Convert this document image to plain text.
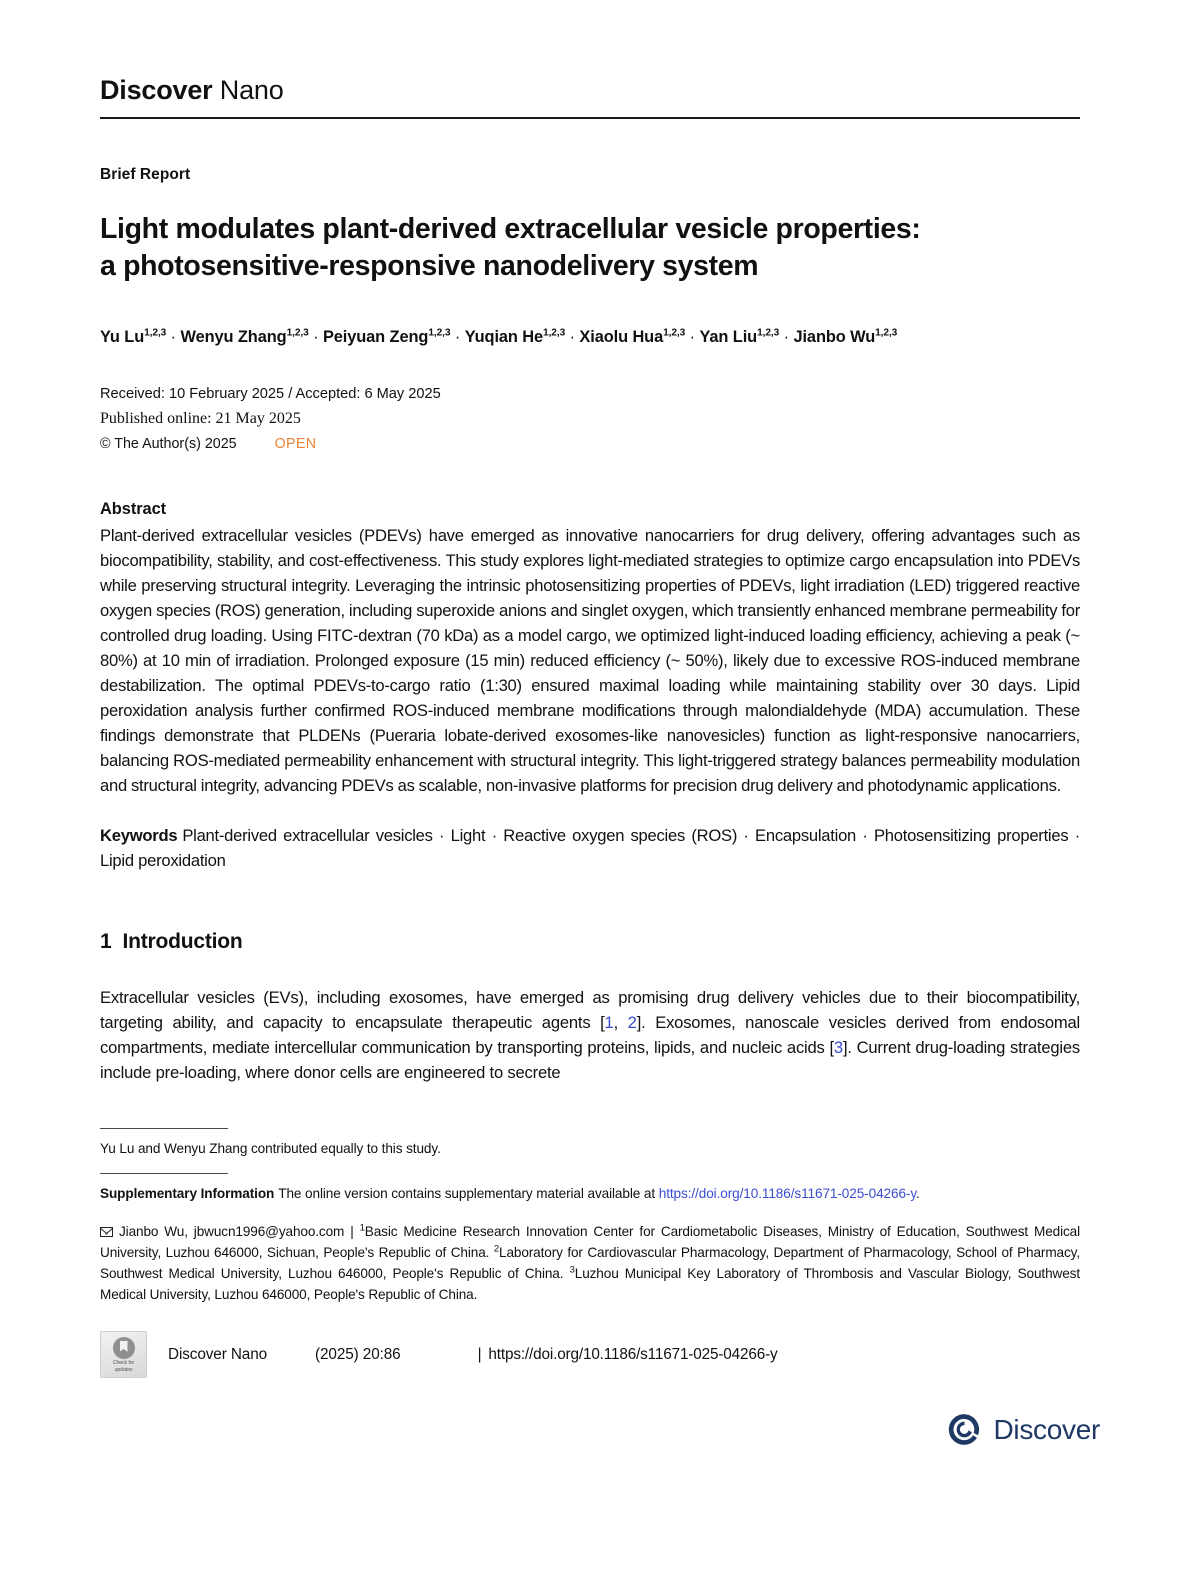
Discover Nano
Brief Report
Light modulates plant-derived extracellular vesicle properties:
a photosensitive-responsive nanodelivery system
Yu Lu$^{1,2,3}$ · Wenyu Zhang$^{1,2,3}$ · Peiyuan Zeng$^{1,2,3}$ · Yuqian He$^{1,2,3}$ · Xiaolu Hua$^{1,2,3}$ · Yan Liu$^{1,2,3}$ · Jianbo Wu$^{1,2,3}$
Received: 10 February 2025 / Accepted: 6 May 2025
Published online: 21 May 2025
© The Author(s) 2025	OPEN
Abstract
Plant-derived extracellular vesicles (PDEVs) have emerged as innovative nanocarriers for drug delivery, offering advantages such as biocompatibility, stability, and cost-effectiveness. This study explores light-mediated strategies to optimize cargo encapsulation into PDEVs while preserving structural integrity. Leveraging the intrinsic photosensitizing properties of PDEVs, light irradiation (LED) triggered reactive oxygen species (ROS) generation, including superoxide anions and singlet oxygen, which transiently enhanced membrane permeability for controlled drug loading. Using FITC-dextran (70 kDa) as a model cargo, we optimized light-induced loading efficiency, achieving a peak (~ 80%) at 10 min of irradiation. Prolonged exposure (15 min) reduced efficiency (~ 50%), likely due to excessive ROS-induced membrane destabilization. The optimal PDEVs-to-cargo ratio (1:30) ensured maximal loading while maintaining stability over 30 days. Lipid peroxidation analysis further confirmed ROS-induced membrane modifications through malondialdehyde (MDA) accumulation. These findings demonstrate that PLDENs (Pueraria lobate-derived exosomes-like nanovesicles) function as light-responsive nanocarriers, balancing ROS-mediated permeability enhancement with structural integrity. This light-triggered strategy balances permeability modulation and structural integrity, advancing PDEVs as scalable, non-invasive platforms for precision drug delivery and photodynamic applications.
Keywords Plant-derived extracellular vesicles · Light · Reactive oxygen species (ROS) · Encapsulation · Photosensitizing properties · Lipid peroxidation
1 Introduction

Extracellular vesicles (EVs), including exosomes, have emerged as promising drug delivery vehicles due to their biocompatibility, targeting ability, and capacity to encapsulate therapeutic agents [1, 2]. Exosomes, nanoscale vesicles derived from endosomal compartments, mediate intercellular communication by transporting proteins, lipids, and nucleic acids [3]. Current drug-loading strategies include pre-loading, where donor cells are engineered to secrete

Yu Lu and Wenyu Zhang contributed equally to this study.
Supplementary Information The online version contains supplementary material available at https://doi.org/10.1186/s11671-025-04266-y.
Jianbo Wu, jbwucn1996@yahoo.com | $^1$Basic Medicine Research Innovation Center for Cardiometabolic Diseases, Ministry of Education, Southwest Medical University, Luzhou 646000, Sichuan, People's Republic of China. $^2$Laboratory for Cardiovascular Pharmacology, Department of Pharmacology, School of Pharmacy, Southwest Medical University, Luzhou 646000, People's Republic of China. $^3$Luzhou Municipal Key Laboratory of Thrombosis and Vascular Biology, Southwest Medical University, Luzhou 646000, People's Republic of China.
Check for
updates
Discover Nano	(2025) 20:86	| https://doi.org/10.1186/s11671-025-04266-y
Discover
